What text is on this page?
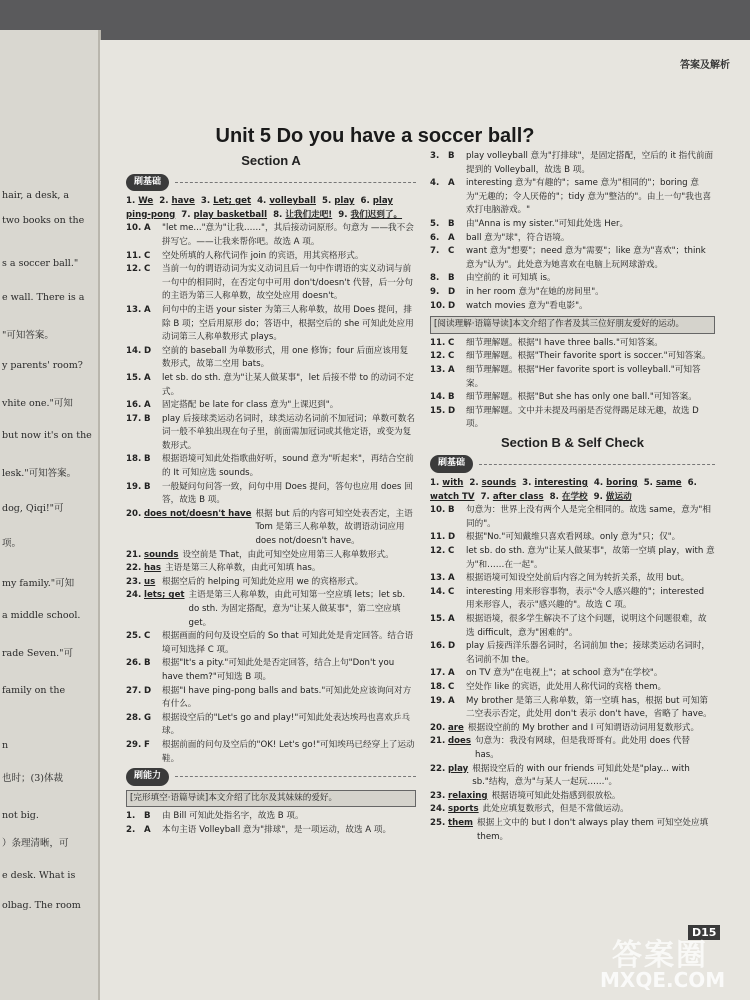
hair, a desk, a
two books on the
s a soccer ball."
e wall. There is a
"可知答案。
y parents' room?
vhite one."可知
but now it's on the
lesk."可知答案。
dog, Qiqi!"可
项。
my family."可知
a middle school.
rade Seven."可
family on the
n
也时；(3)体裁
not big.
）条理清晰，可
e desk. What is
olbag. The room
答案及解析
Unit 5 Do you have a soccer ball?
Section A
刷基础
1. We 2. have 3. Let; get 4. volleyball 5. play 6. play ping-pong 7. play basketball 8. 让我们走吧! 9. 我们迟到了。
10. A	"let me..."意为"让我……"，其后接动词原形。句意为 ——我不会拼写它。——让我来帮你吧。故选 A 项。
11. C	空处所填的人称代词作 join 的宾语，用其宾格形式。
12. C	当前一句的谓语动词为实义动词且后一句中作谓语的实义动词与前一句中的相同时，在否定句中可用 don't/doesn't 代替，后一分句的主语为第三人称单数，故空处应用 doesn't。
13. A	问句中的主语 your sister 为第三人称单数，故用 Does 提问，排除 B 项；空后用原形 do；答语中，根据空后的 she 可知此处应用动词第三人称单数形式 plays。
14. D	空前的 baseball 为单数形式，用 one 修饰；four 后面应该用复数形式，故第二空用 bats。
15. A	let sb. do sth. 意为"让某人做某事"，let 后接不带 to 的动词不定式。
16. A	固定搭配 be late for class 意为"上课迟到"。
17. B	play 后接球类运动名词时，球类运动名词前不加冠词；单数可数名词一般不单独出现在句子里，前面需加冠词或其他定语，或变为复数形式。
18. B	根据语境可知此处指歌曲好听，sound 意为"听起来"，再结合空前的 It 可知应选 sounds。
19. B	一般疑问句问答一致，问句中用 Does 提问，答句也应用 does 回答，故选 B 项。
20. does not/doesn't have 根据 but 后的内容可知空处表否定，主语 Tom 是第三人称单数，故谓语动词应用 does not/doesn't have。
21. sounds 设空前是 That，由此可知空处应用第三人称单数形式。
22. has 主语是第三人称单数，由此可知填 has。
23. us 根据空后的 helping 可知此处应用 we 的宾格形式。
24. lets; get 主语是第三人称单数，由此可知第一空应填 lets；let sb. do sth. 为固定搭配，意为"让某人做某事"，第二空应填 get。
25. C	根据画面的问句及设空后的 So that 可知此处是肯定回答。结合语境可知选择 C 项。
26. B	根据"It's a pity."可知此处是否定回答，结合上句"Don't you have them?"可知选 B 项。
27. D	根据"I have ping-pong balls and bats."可知此处应该询问对方有什么。
28. G	根据设空后的"Let's go and play!"可知此处表达埃玛也喜欢乒乓球。
29. F	根据前面的问句及空后的"OK! Let's go!"可知埃玛已经穿上了运动鞋。
刷能力
[完形填空·语篇导读]本文介绍了比尔及其妹妹的爱好。
1.	B	由 Bill 可知此处指名字，故选 B 项。
2.	A	本句主语 Volleyball 意为"排球"，是一项运动，故选 A 项。
3.	B	play volleyball 意为"打排球"，是固定搭配，空后的 it 指代前面提到的 Volleyball，故选 B 项。
4.	A	interesting 意为"有趣的"；same 意为"相同的"；boring 意为"无趣的；令人厌倦的"；tidy 意为"整洁的"。由上一句"我也喜欢打电脑游戏。"
5.	B	由"Anna is my sister."可知此处选 Her。
6.	A	ball 意为"球"，符合语境。
7.	C	want 意为"想要"；need 意为"需要"；like 意为"喜欢"；think 意为"认为"。此处意为她喜欢在电脑上玩网球游戏。
8.	B	由空前的 it 可知填 is。
9.	D	in her room 意为"在她的房间里"。
10. D	watch movies 意为"看电影"。
[阅读理解·语篇导读]本文介绍了作者及其三位好朋友爱好的运动。
11. C	细节理解题。根据"I have three balls."可知答案。
12. C	细节理解题。根据"Their favorite sport is soccer."可知答案。
13. A	细节理解题。根据"Her favorite sport is volleyball."可知答案。
14. B	细节理解题。根据"But she has only one ball."可知答案。
15. D	细节理解题。文中并未提及玛丽是否觉得踢足球无趣，故选 D 项。
Section B & Self Check
刷基础
1. with 2. sounds 3. interesting 4. boring 5. same 6. watch TV 7. after class 8. 在学校 9. 做运动
10. B	句意为：世界上没有两个人是完全相同的。故选 same，意为"相同的"。
11. D	根据"No."可知戴维只喜欢看网球。only 意为"只；仅"。
12. C	let sb. do sth. 意为"让某人做某事"，故第一空填 play，with 意为"和……在一起"。
13. A	根据语境可知设空处前后内容之间为转折关系，故用 but。
14. C	interesting 用来形容事物，表示"令人感兴趣的"；interested 用来形容人，表示"感兴趣的"。故选 C 项。
15. A	根据语境，很多学生解决不了这个问题，说明这个问题很难，故选 difficult，意为"困难的"。
16. D	play 后接西洋乐器名词时，名词前加 the；接球类运动名词时，名词前不加 the。
17. A	on TV 意为"在电视上"；at school 意为"在学校"。
18. C	空处作 like 的宾语，此处用人称代词的宾格 them。
19. A	My brother 是第三人称单数，第一空填 has，根据 but 可知第二空表示否定，此处用 don't 表示 don't have，省略了 have。
20. are 根据设空前的 My brother and I 可知谓语动词用复数形式。
21. does 句意为：我没有网球，但是我哥哥有。此处用 does 代替 has。
22. play 根据设空后的 with our friends 可知此处是"play... with sb."结构，意为"与某人一起玩……"。
23. relaxing 根据语境可知此处指感到很放松。
24. sports 此处应填复数形式，但是不常做运动。
25. them 根据上文中的 but I don't always play them 可知空处应填 them。
D15
答案圈
MXQE.COM
